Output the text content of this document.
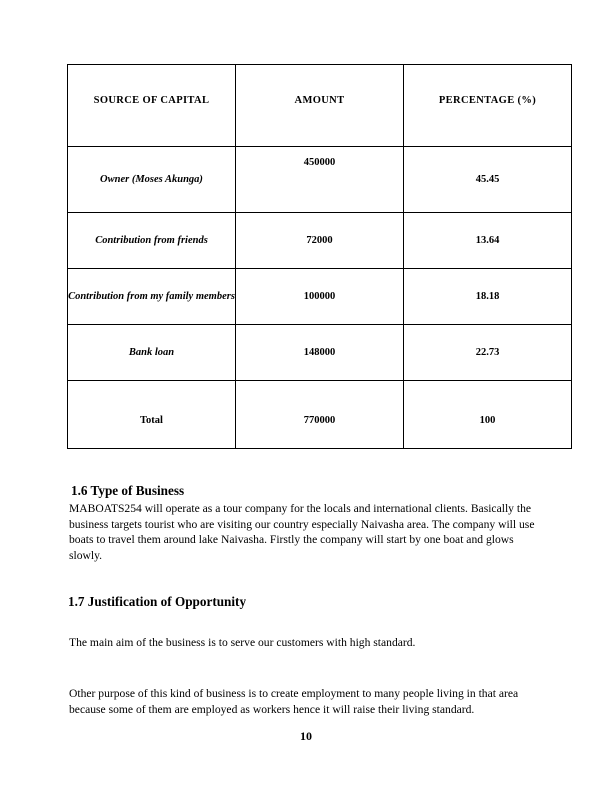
SOURCE OF CAPITAL	AMOUNT	PERCENTAGE (%)
Owner (Moses Akunga)	450000	45.45
Contribution from friends	72000	13.64
Contribution from my family members	100000	18.18
Bank loan	148000	22.73
Total	770000	100
1.6 Type of Business
MABOATS254 will operate as a tour company for the locals and international clients. Basically the business targets tourist who are visiting our country especially Naivasha area. The company will use boats to travel them around lake Naivasha. Firstly the company will start by one boat and glows slowly.
1.7 Justification of Opportunity
The main aim of the business is to serve our customers with high standard.
Other purpose of this kind of business is to create employment to many people living in that area because some of them are employed as workers hence it will raise their living standard.
10
